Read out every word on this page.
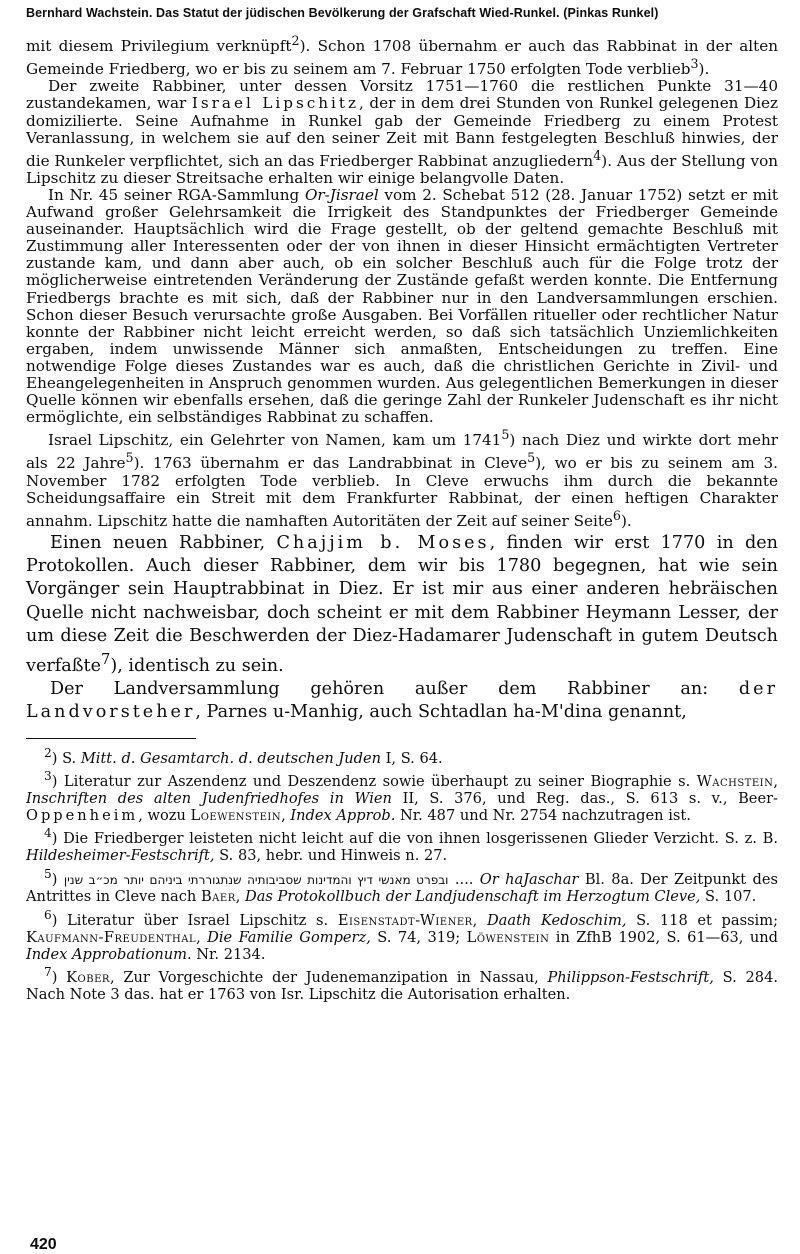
Bernhard Wachstein. Das Statut der jüdischen Bevölkerung der Grafschaft Wied-Runkel. (Pinkas Runkel)

mit diesem Privilegium verknüpft$^2$). Schon 1708 übernahm er auch das Rabbinat in der alten Gemeinde Friedberg, wo er bis zu seinem am 7. Februar 1750 erfolgten Tode verblieb$^3$).

Der zweite Rabbiner, unter dessen Vorsitz 1751—1760 die restlichen Punkte 31—40 zustandekamen, war Israel Lipschitz, der in dem drei Stunden von Runkel gelegenen Diez domizilierte. Seine Aufnahme in Runkel gab der Gemeinde Friedberg zu einem Protest Veranlassung, in welchem sie auf den seiner Zeit mit Bann festgelegten Beschluß hinwies, der die Runkeler verpflichtet, sich an das Friedberger Rabbinat anzugliedern$^4$). Aus der Stellung von Lipschitz zu dieser Streitsache erhalten wir einige belangvolle Daten.

In Nr. 45 seiner RGA-Sammlung Or-Jisrael vom 2. Schebat 512 (28. Januar 1752) setzt er mit Aufwand großer Gelehrsamkeit die Irrigkeit des Standpunktes der Friedberger Gemeinde auseinander. Hauptsächlich wird die Frage gestellt, ob der geltend gemachte Beschluß mit Zustimmung aller Interessenten oder der von ihnen in dieser Hinsicht ermächtigten Vertreter zustande kam, und dann aber auch, ob ein solcher Beschluß auch für die Folge trotz der möglicherweise eintretenden Veränderung der Zustände gefaßt werden konnte. Die Entfernung Friedbergs brachte es mit sich, daß der Rabbiner nur in den Landversammlungen erschien. Schon dieser Besuch verursachte große Ausgaben. Bei Vorfällen ritueller oder rechtlicher Natur konnte der Rabbiner nicht leicht erreicht werden, so daß sich tatsächlich Unziemlichkeiten ergaben, indem unwissende Männer sich anmaßten, Entscheidungen zu treffen. Eine notwendige Folge dieses Zustandes war es auch, daß die christlichen Gerichte in Zivil- und Eheangelegenheiten in Anspruch genommen wurden. Aus gelegentlichen Bemerkungen in dieser Quelle können wir ebenfalls ersehen, daß die geringe Zahl der Runkeler Judenschaft es ihr nicht ermöglichte, ein selbständiges Rabbinat zu schaffen.

Israel Lipschitz, ein Gelehrter von Namen, kam um 1741$^5$) nach Diez und wirkte dort mehr als 22 Jahre$^5$). 1763 übernahm er das Landrabbinat in Cleve$^5$), wo er bis zu seinem am 3. November 1782 erfolgten Tode verblieb. In Cleve erwuchs ihm durch die bekannte Scheidungsaffaire ein Streit mit dem Frankfurter Rabbinat, der einen heftigen Charakter annahm. Lipschitz hatte die namhaften Autoritäten der Zeit auf seiner Seite$^6$).

Einen neuen Rabbiner, Chajjim b. Moses, finden wir erst 1770 in den Protokollen. Auch dieser Rabbiner, dem wir bis 1780 begegnen, hat wie sein Vorgänger sein Hauptrabbinat in Diez. Er ist mir aus einer anderen hebräischen Quelle nicht nachweisbar, doch scheint er mit dem Rabbiner Heymann Lesser, der um diese Zeit die Beschwerden der Diez-Hadamarer Judenschaft in gutem Deutsch verfaßte$^7$), identisch zu sein.

Der Landversammlung gehören außer dem Rabbiner an: der Landvorsteher, Parnes u-Manhig, auch Schtadlan ha-M'dina genannt,

$^2$) S. Mitt. d. Gesamtarch. d. deutschen Juden I, S. 64.

$^3$) Literatur zur Aszendenz und Deszendenz sowie überhaupt zu seiner Biographie s. Wachstein, Inschriften des alten Judenfriedhofes in Wien II, S. 376, und Reg. das., S. 613 s. v., Beer-Oppenheim, wozu Loewenstein, Index Approb. Nr. 487 und Nr. 2754 nachzutragen ist.

$^4$) Die Friedberger leisteten nicht leicht auf die von ihnen losgerissenen Glieder Verzicht. S. z. B. Hildesheimer-Festschrift, S. 83, hebr. und Hinweis n. 27.

$^5$) ובפרט מאנשי דיץ והמדינות שסביבותיה שנתגוררתי ביניהם יותר מכ״ב שנין .... Or haJaschar Bl. 8a. Der Zeitpunkt des Antrittes in Cleve nach Baer, Das Protokollbuch der Landjudenschaft im Herzogtum Cleve, S. 107.

$^6$) Literatur über Israel Lipschitz s. Eisenstadt-Wiener, Daath Kedoschim, S. 118 et passim; Kaufmann-Freudenthal, Die Familie Gomperz, S. 74, 319; Löwenstein in ZfhB 1902, S. 61—63, und Index Approbationum. Nr. 2134.

$^7$) Kober, Zur Vorgeschichte der Judenemanzipation in Nassau, Philippson-Festschrift, S. 284. Nach Note 3 das. hat er 1763 von Isr. Lipschitz die Autorisation erhalten.

420
